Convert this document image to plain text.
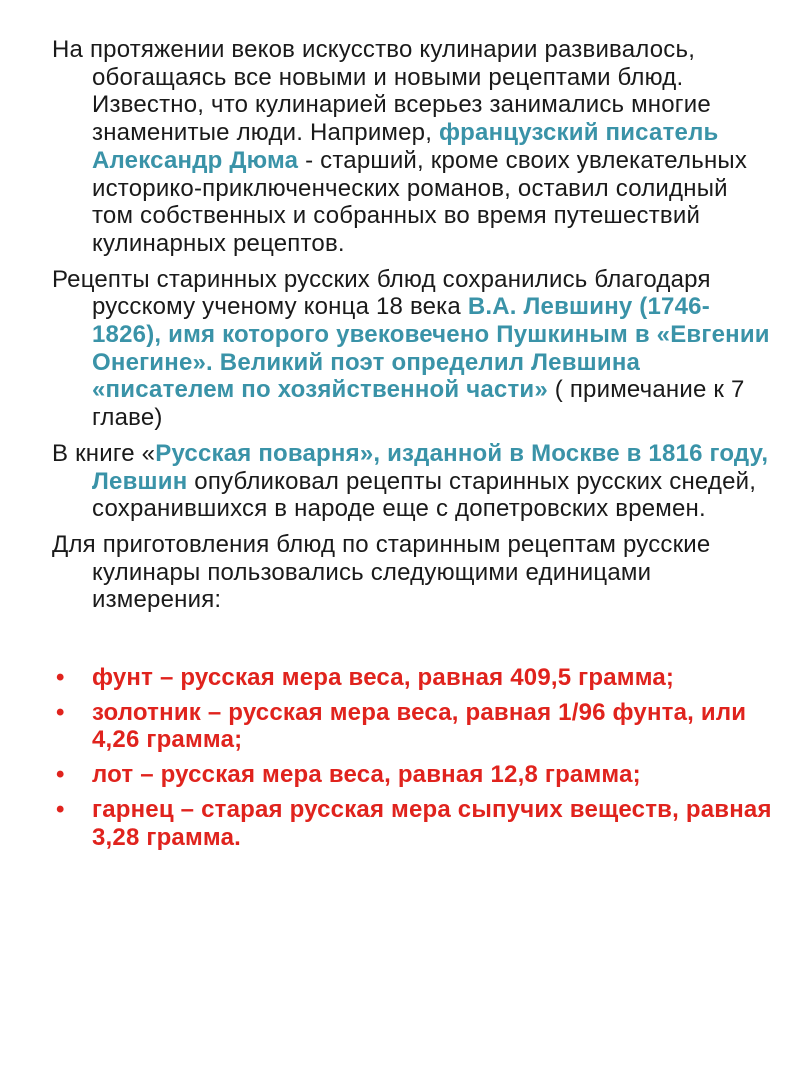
На протяжении веков искусство кулинарии развивалось, обогащаясь все новыми и новыми рецептами блюд. Известно, что кулинарией всерьез занимались многие знаменитые люди. Например, французский писатель Александр Дюма - старший, кроме своих увлекательных историко-приключенческих романов, оставил солидный том собственных и собранных во время путешествий кулинарных рецептов.

Рецепты старинных русских блюд сохранились благодаря русскому ученому конца 18 века В.А. Левшину (1746-1826), имя которого увековечено Пушкиным в «Евгении Онегине». Великий поэт определил Левшина «писателем по хозяйственной части» ( примечание к 7 главе)

В книге «Русская поварня», изданной в Москве в 1816 году, Левшин опубликовал рецепты старинных русских снедей, сохранившихся в народе еще с допетровских времен.

Для приготовления блюд по старинным рецептам русские кулинары пользовались следующими единицами измерения:

• фунт – русская мера веса, равная 409,5 грамма;
• золотник – русская мера веса, равная 1/96 фунта, или 4,26 грамма;
• лот – русская мера веса, равная 12,8 грамма;
• гарнец – старая русская мера сыпучих веществ, равная 3,28 грамма.
